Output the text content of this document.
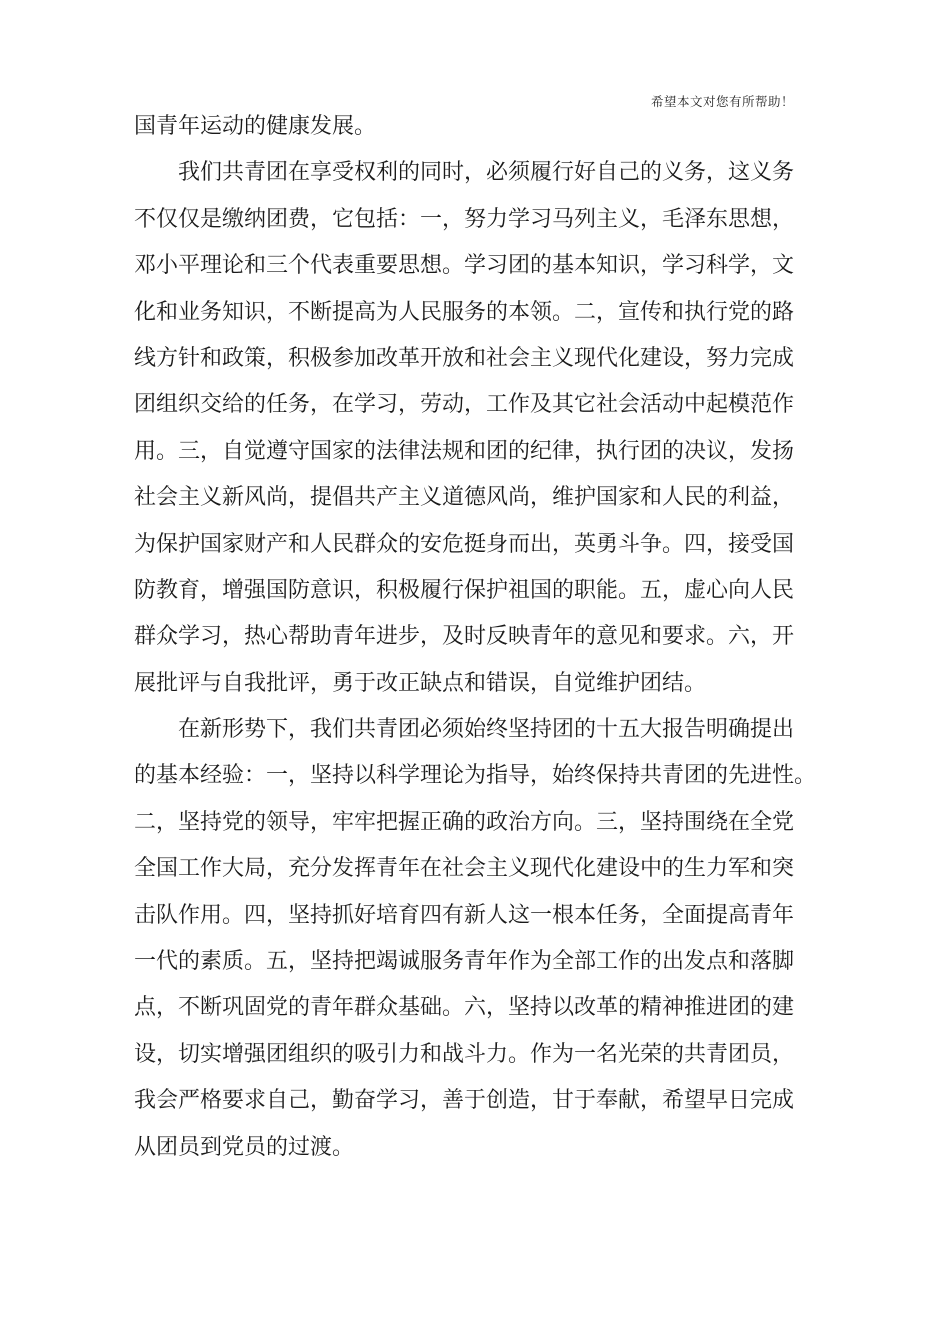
希望本文对您有所帮助！
国青年运动的健康发展。
　　我们共青团在享受权利的同时，必须履行好自己的义务，这义务
不仅仅是缴纳团费，它包括：一，努力学习马列主义，毛泽东思想，
邓小平理论和三个代表重要思想。学习团的基本知识，学习科学，文
化和业务知识，不断提高为人民服务的本领。二，宣传和执行党的路
线方针和政策，积极参加改革开放和社会主义现代化建设，努力完成
团组织交给的任务，在学习，劳动，工作及其它社会活动中起模范作
用。三，自觉遵守国家的法律法规和团的纪律，执行团的决议，发扬
社会主义新风尚，提倡共产主义道德风尚，维护国家和人民的利益，
为保护国家财产和人民群众的安危挺身而出，英勇斗争。四，接受国
防教育，增强国防意识，积极履行保护祖国的职能。五，虚心向人民
群众学习，热心帮助青年进步，及时反映青年的意见和要求。六，开
展批评与自我批评，勇于改正缺点和错误，自觉维护团结。
　　在新形势下，我们共青团必须始终坚持团的十五大报告明确提出
的基本经验：一，坚持以科学理论为指导，始终保持共青团的先进性。
二，坚持党的领导，牢牢把握正确的政治方向。三，坚持围绕在全党
全国工作大局，充分发挥青年在社会主义现代化建设中的生力军和突
击队作用。四，坚持抓好培育四有新人这一根本任务，全面提高青年
一代的素质。五，坚持把竭诚服务青年作为全部工作的出发点和落脚
点，不断巩固党的青年群众基础。六，坚持以改革的精神推进团的建
设，切实增强团组织的吸引力和战斗力。作为一名光荣的共青团员，
我会严格要求自己，勤奋学习，善于创造，甘于奉献，希望早日完成
从团员到党员的过渡。
